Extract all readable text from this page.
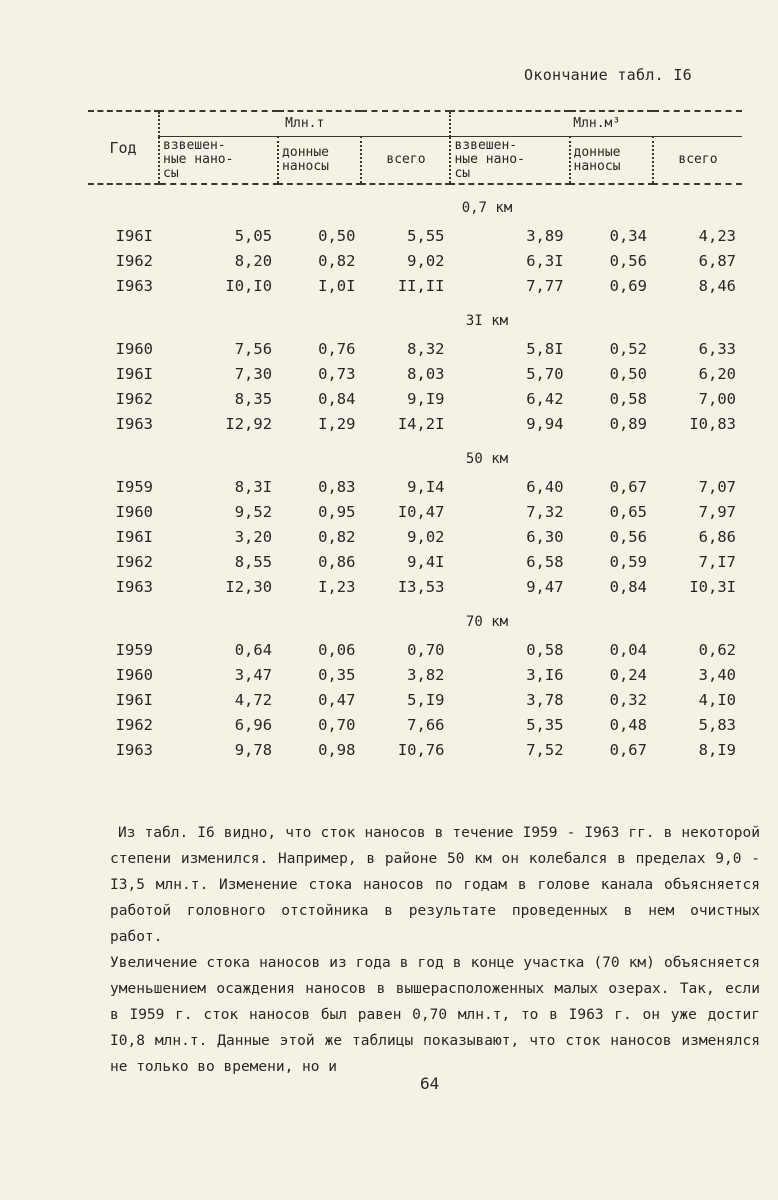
Окончание табл. I6
Год	Млн.т			Млн.м³		
	взвешен-
ные нано-
сы	донные
наносы	всего	взвешен-
ные нано-
сы	донные
наносы	всего
0,7 км						
I96I	5,05	0,50	5,55	3,89	0,34	4,23
I962	8,20	0,82	9,02	6,3I	0,56	6,87
I963	I0,I0	I,0I	II,II	7,77	0,69	8,46
3I км						
I960	7,56	0,76	8,32	5,8I	0,52	6,33
I96I	7,30	0,73	8,03	5,70	0,50	6,20
I962	8,35	0,84	9,I9	6,42	0,58	7,00
I963	I2,92	I,29	I4,2I	9,94	0,89	I0,83
50 км						
I959	8,3I	0,83	9,I4	6,40	0,67	7,07
I960	9,52	0,95	I0,47	7,32	0,65	7,97
I96I	3,20	0,82	9,02	6,30	0,56	6,86
I962	8,55	0,86	9,4I	6,58	0,59	7,I7
I963	I2,30	I,23	I3,53	9,47	0,84	I0,3I
70 км						
I959	0,64	0,06	0,70	0,58	0,04	0,62
I960	3,47	0,35	3,82	3,I6	0,24	3,40
I96I	4,72	0,47	5,I9	3,78	0,32	4,I0
I962	6,96	0,70	7,66	5,35	0,48	5,83
I963	9,78	0,98	I0,76	7,52	0,67	8,I9

Из табл. I6 видно, что сток наносов в течение I959 - I963 гг. в некоторой степени изменился. Например, в районе 50 км он колебался в пределах 9,0 - I3,5 млн.т. Изменение стока наносов по годам в голове канала объясняется работой головного отстойника в результате проведенных в нем очистных работ.

Увеличение стока наносов из года в год в конце участка (70 км) объясняется уменьшением осаждения наносов в вышерасположенных малых озерах. Так, если в I959 г. сток наносов был равен 0,70 млн.т, то в I963 г. он уже достиг I0,8 млн.т. Данные этой же таблицы показывают, что сток наносов изменялся не только во времени, но и

64
